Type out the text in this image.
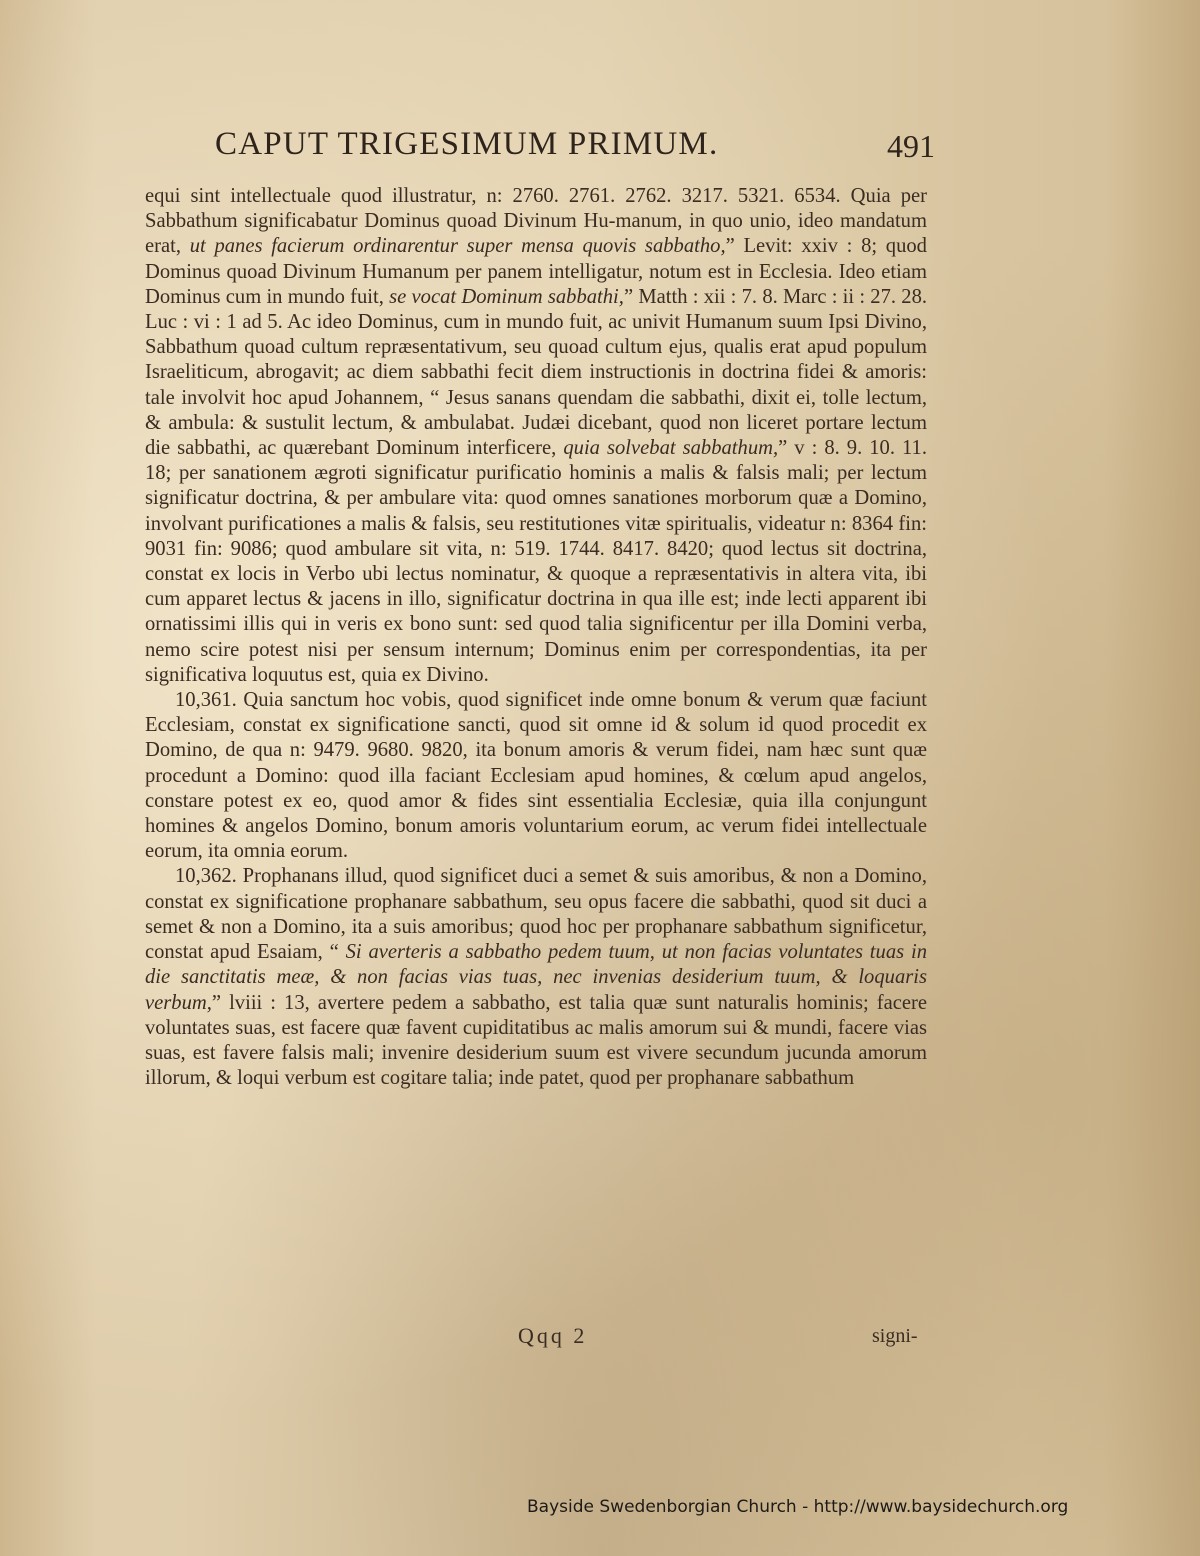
CAPUT TRIGESIMUM PRIMUM.	491

equi sint intellectuale quod illustratur, n: 2760. 2761. 2762. 3217. 5321. 6534. Quia per Sabbathum significabatur Dominus quoad Divinum Hu-manum, in quo unio, ideo mandatum erat, ut panes facierum ordinarentur super mensa quovis sabbatho,” Levit: xxiv : 8; quod Dominus quoad Divinum Humanum per panem intelligatur, notum est in Ecclesia. Ideo etiam Dominus cum in mundo fuit, se vocat Dominum sabbathi,” Matth : xii : 7. 8. Marc : ii : 27. 28. Luc : vi : 1 ad 5. Ac ideo Dominus, cum in mundo fuit, ac univit Humanum suum Ipsi Divino, Sabbathum quoad cultum repræsentativum, seu quoad cultum ejus, qualis erat apud populum Israeliticum, abrogavit; ac diem sabbathi fecit diem instructionis in doctrina fidei & amoris: tale involvit hoc apud Johannem, “ Jesus sanans quendam die sabbathi, dixit ei, tolle lectum, & ambula: & sustulit lectum, & ambulabat. Judæi dicebant, quod non liceret portare lectum die sabbathi, ac quærebant Dominum interficere, quia solvebat sabbathum,” v : 8. 9. 10. 11. 18; per sanationem ægroti significatur purificatio hominis a malis & falsis mali; per lectum significatur doctrina, & per ambulare vita: quod omnes sanationes morborum quæ a Domino, involvant purificationes a malis & falsis, seu restitutiones vitæ spiritualis, videatur n: 8364 fin: 9031 fin: 9086; quod ambulare sit vita, n: 519. 1744. 8417. 8420; quod lectus sit doctrina, constat ex locis in Verbo ubi lectus nominatur, & quoque a repræsentativis in altera vita, ibi cum apparet lectus & jacens in illo, significatur doctrina in qua ille est; inde lecti apparent ibi ornatissimi illis qui in veris ex bono sunt: sed quod talia significentur per illa Domini verba, nemo scire potest nisi per sensum internum; Dominus enim per correspondentias, ita per significativa loquutus est, quia ex Divino.

10,361. Quia sanctum hoc vobis, quod significet inde omne bonum & verum quæ faciunt Ecclesiam, constat ex significatione sancti, quod sit omne id & solum id quod procedit ex Domino, de qua n: 9479. 9680. 9820, ita bonum amoris & verum fidei, nam hæc sunt quæ procedunt a Domino: quod illa faciant Ecclesiam apud homines, & cœlum apud angelos, constare potest ex eo, quod amor & fides sint essentialia Ecclesiæ, quia illa conjungunt homines & angelos Domino, bonum amoris voluntarium eorum, ac verum fidei intellectuale eorum, ita omnia eorum.

10,362. Prophanans illud, quod significet duci a semet & suis amoribus, & non a Domino, constat ex significatione prophanare sabbathum, seu opus facere die sabbathi, quod sit duci a semet & non a Domino, ita a suis amoribus; quod hoc per prophanare sabbathum significetur, constat apud Esaiam, “ Si averteris a sabbatho pedem tuum, ut non facias voluntates tuas in die sanctitatis meæ, & non facias vias tuas, nec invenias desiderium tuum, & loquaris verbum,” lviii : 13, avertere pedem a sabbatho, est talia quæ sunt naturalis hominis; facere voluntates suas, est facere quæ favent cupiditatibus ac malis amorum sui & mundi, facere vias suas, est favere falsis mali; invenire desiderium suum est vivere secundum jucunda amorum illorum, & loqui verbum est cogitare talia; inde patet, quod per prophanare sabbathum

Qqq 2	signi-
Bayside Swedenborgian Church - http://www.baysidechurch.org
